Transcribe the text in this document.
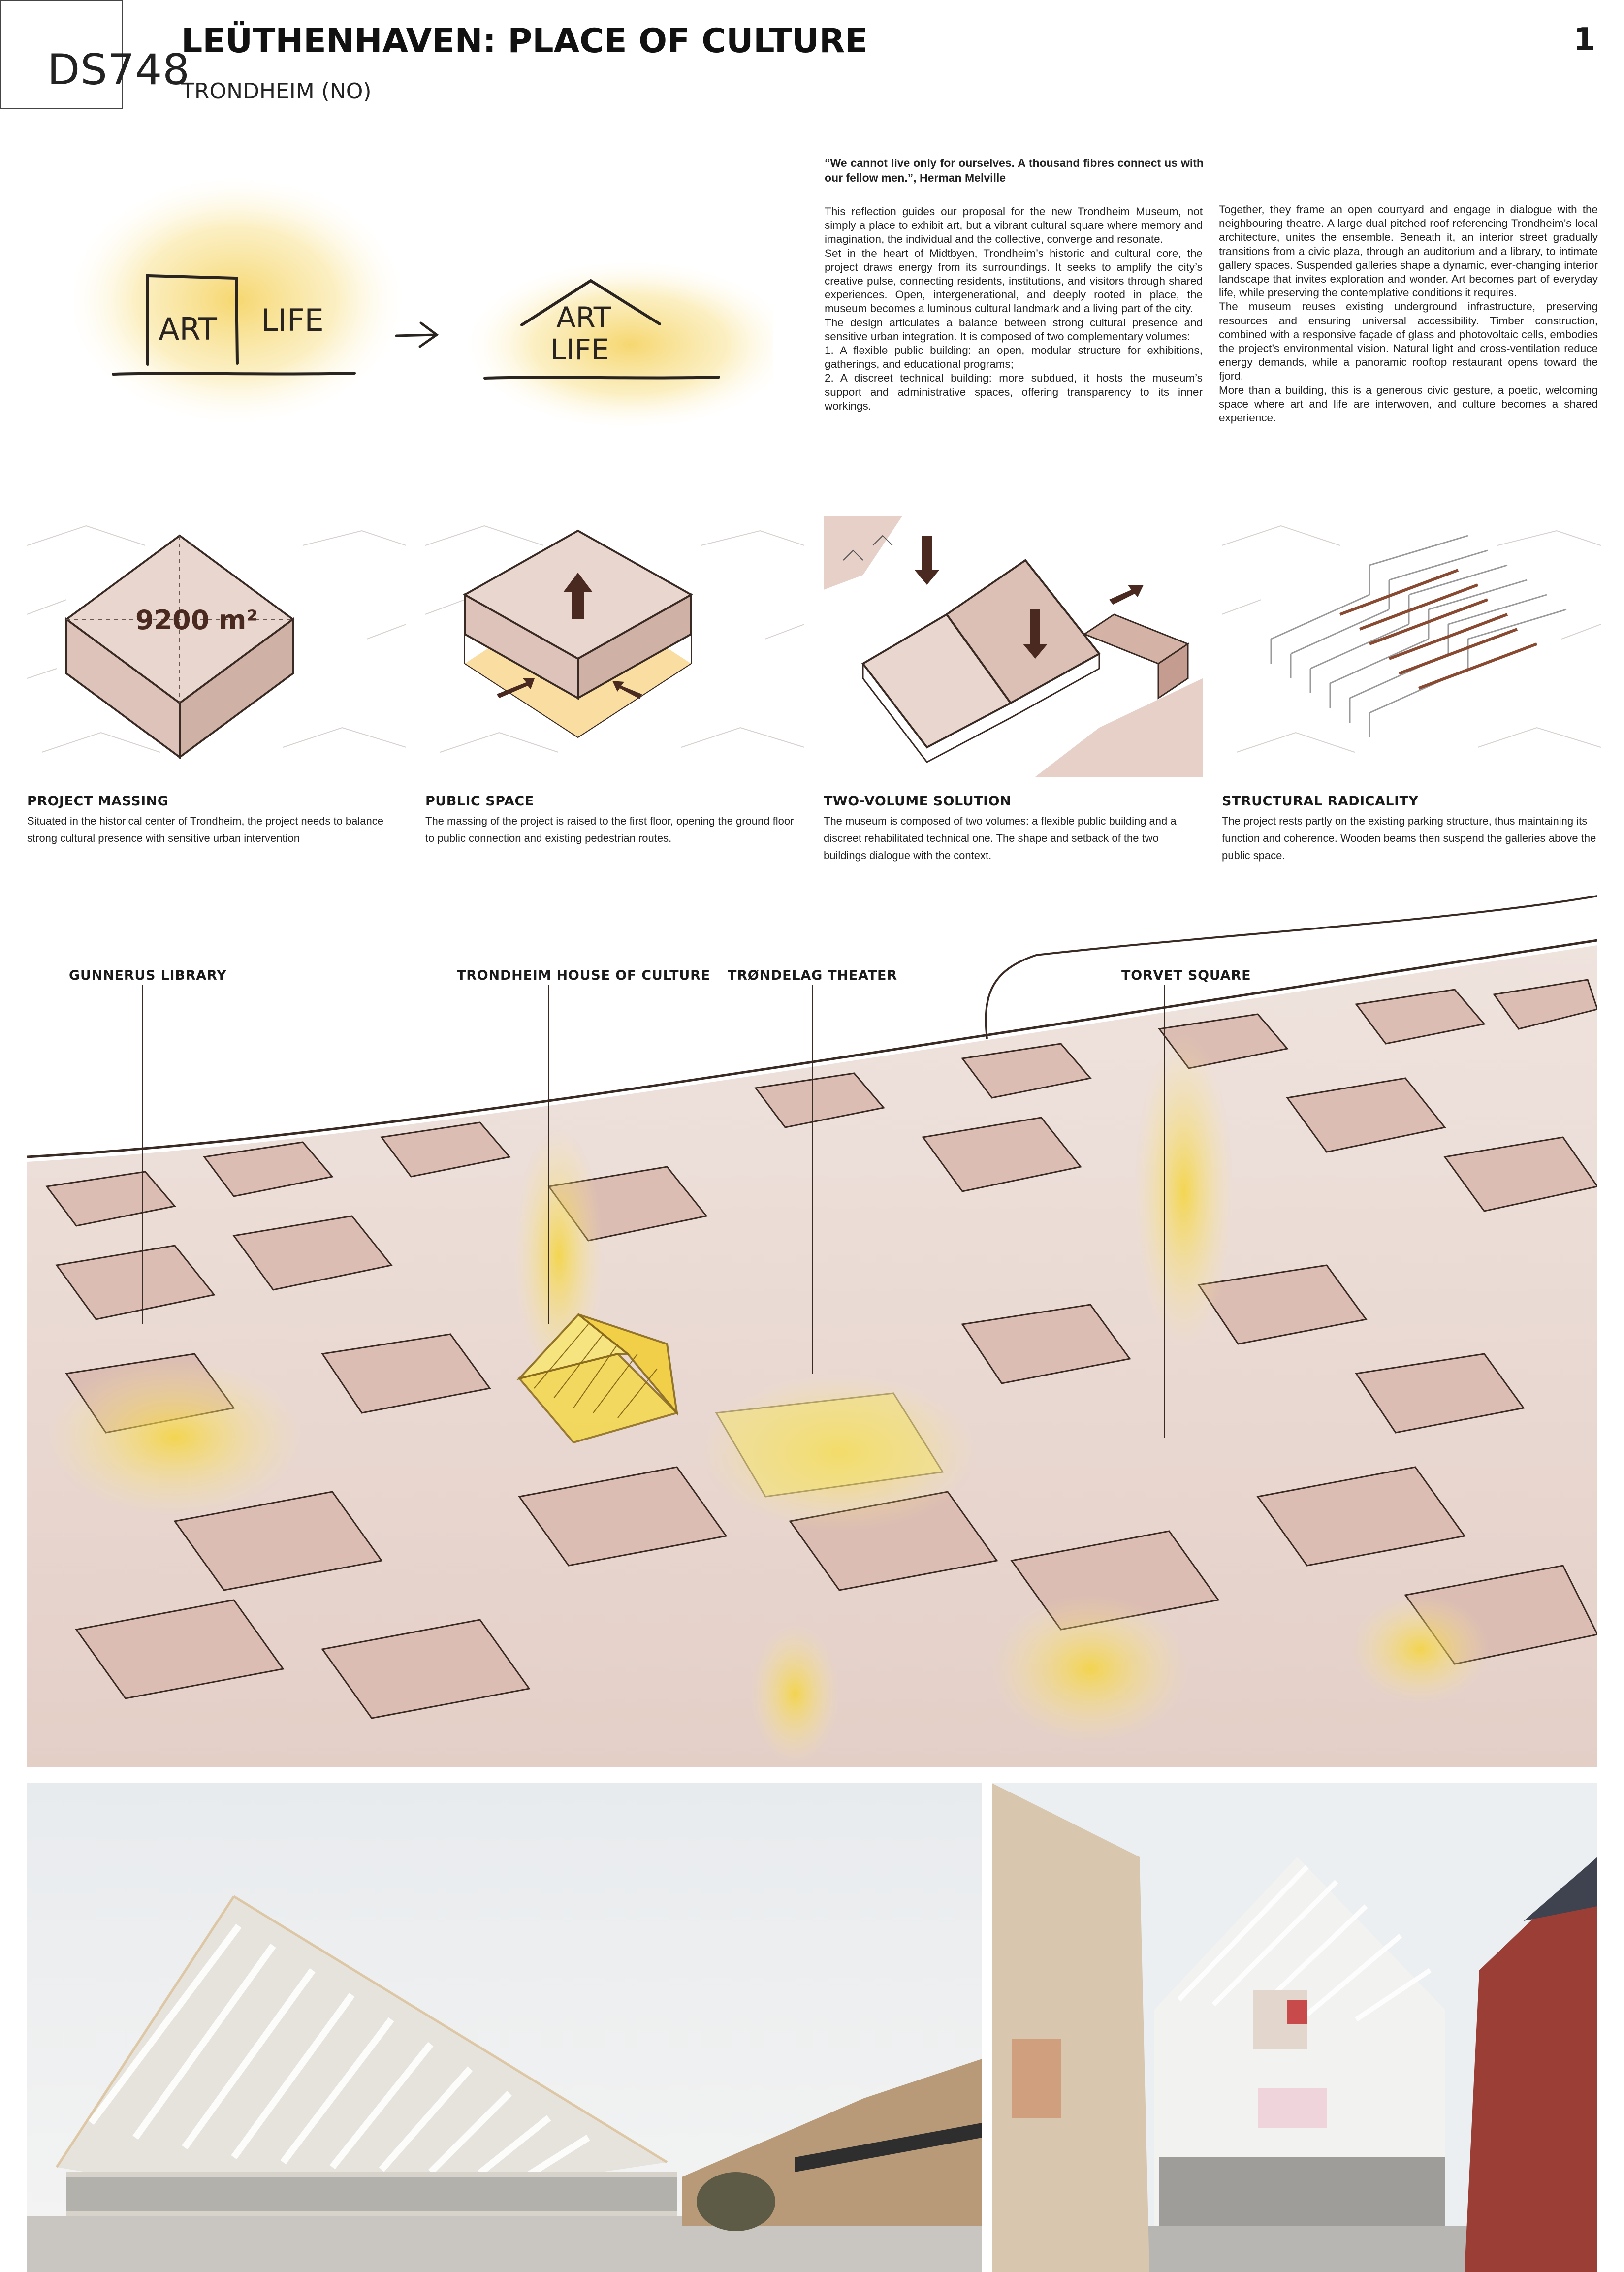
DS748
LEÜTHENHAVEN: PLACE OF CULTURE
TRONDHEIM (NO)
1
ART LIFE	ART
LIFE
“We cannot live only for ourselves. A thousand fibres connect us with our fellow men.”, Herman Melville

This reflection guides our proposal for the new Trondheim Museum, not simply a place to exhibit art, but a vibrant cultural square where memory and imagination, the individual and the collective, converge and resonate.

Set in the heart of Midtbyen, Trondheim’s historic and cultural core, the project draws energy from its surroundings. It seeks to amplify the city’s creative pulse, connecting residents, institutions, and visitors through shared experiences. Open, intergenerational, and deeply rooted in place, the museum becomes a luminous cultural landmark and a living part of the city.

The design articulates a balance between strong cultural presence and sensitive urban integration. It is composed of two complementary volumes:

1. A flexible public building: an open, modular structure for exhibitions, gatherings, and educational programs;

2. A discreet technical building: more subdued, it hosts the museum’s support and administrative spaces, offering transparency to its inner workings.

Together, they frame an open courtyard and engage in dialogue with the neighbouring theatre. A large dual-pitched roof referencing Trondheim’s local architecture, unites the ensemble. Beneath it, an interior street gradually transitions from a civic plaza, through an auditorium and a library, to intimate gallery spaces. Suspended galleries shape a dynamic, ever-changing interior landscape that invites exploration and wonder. Art becomes part of everyday life, while preserving the contemplative conditions it requires.

The museum reuses existing underground infrastructure, preserving resources and ensuring universal accessibility. Timber construction, combined with a responsive façade of glass and photovoltaic cells, embodies the project’s environmental vision. Natural light and cross-ventilation reduce energy demands, while a panoramic rooftop restaurant opens toward the fjord.

More than a building, this is a generous civic gesture, a poetic, welcoming space where art and life are interwoven, and culture becomes a shared experience.

9200 m²
PROJECT MASSING
Situated in the historical center of Trondheim, the project needs to balance strong cultural presence with sensitive urban intervention
PUBLIC SPACE
The massing of the project is raised to the first floor, opening the ground floor to public connection and existing pedestrian routes.
TWO-VOLUME SOLUTION
The museum is composed of two volumes: a flexible public building and a discreet rehabilitated technical one. The shape and setback of the two buildings dialogue with the context.
STRUCTURAL RADICALITY
The project rests partly on the existing parking structure, thus maintaining its function and coherence. Wooden beams then suspend the galleries above the public space.
GUNNERUS LIBRARY	TRONDHEIM HOUSE OF CULTURE TRØNDELAG THEATER	TORVET SQUARE
